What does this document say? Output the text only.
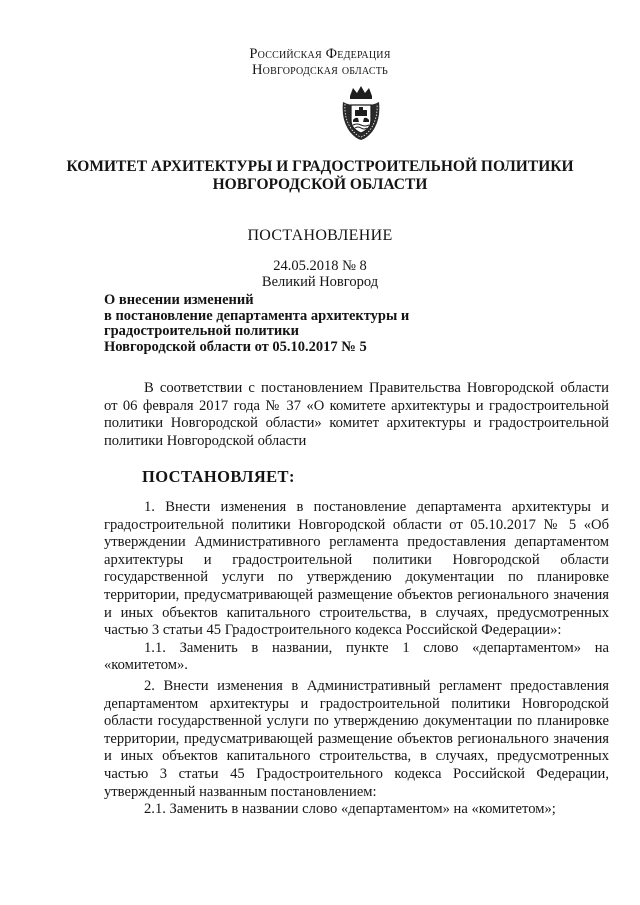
Российская Федерация
Новгородская область
КОМИТЕТ АРХИТЕКТУРЫ И ГРАДОСТРОИТЕЛЬНОЙ ПОЛИТИКИ
НОВГОРОДСКОЙ ОБЛАСТИ
ПОСТАНОВЛЕНИЕ
24.05.2018 № 8
Великий Новгород
О внесении изменений
в постановление департамента архитектуры и
градостроительной политики
Новгородской области от 05.10.2017 № 5

В соответствии с постановлением Правительства Новгородской области от 06 февраля 2017 года № 37 «О комитете архитектуры и градостроительной политики Новгородской области» комитет архитектуры и градостроительной политики Новгородской области

ПОСТАНОВЛЯЕТ:

1. Внести изменения в постановление департамента архитектуры и градостроительной политики Новгородской области от 05.10.2017 № 5 «Об утверждении Административного регламента предоставления департаментом архитектуры и градостроительной политики Новгородской области государственной услуги по утверждению документации по планировке территории, предусматривающей размещение объектов регионального значения и иных объектов капитального строительства, в случаях, предусмотренных частью 3 статьи 45 Градостроительного кодекса Российской Федерации»:

1.1. Заменить в названии, пункте 1 слово «департаментом» на «комитетом».

2. Внести изменения в Административный регламент предоставления департаментом архитектуры и градостроительной политики Новгородской области государственной услуги по утверждению документации по планировке территории, предусматривающей размещение объектов регионального значения и иных объектов капитального строительства, в случаях, предусмотренных частью 3 статьи 45 Градостроительного кодекса Российской Федерации, утвержденный названным постановлением:

2.1. Заменить в названии слово «департаментом» на «комитетом»;
